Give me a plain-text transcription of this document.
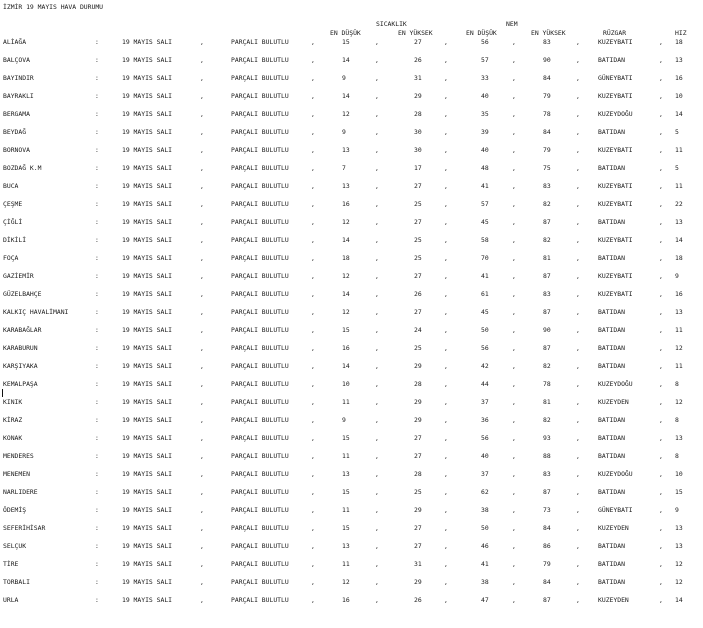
İZMİR 19 MAYIS HAVA DURUMU
SICAKLIK	NEM
EN DÜŞÜK	EN YÜKSEK	EN DÜŞÜK	EN YÜKSEK	RÜZGAR	HIZ
ALİAĞA	:	19 MAYIS SALI	,	PARÇALI BULUTLU	,	15	,	27	,	56	,	83	,	KUZEYBATI	, 18
BALÇOVA	:	19 MAYIS SALI	,	PARÇALI BULUTLU	,	14	,	26	,	57	,	90	,	BATIDAN	, 13
BAYINDIR	:	19 MAYIS SALI	,	PARÇALI BULUTLU	,	9	,	31	,	33	,	84	,	GÜNEYBATI	, 16
BAYRAKLI	:	19 MAYIS SALI	,	PARÇALI BULUTLU	,	14	,	29	,	40	,	79	,	KUZEYBATI	, 10
BERGAMA	:	19 MAYIS SALI	,	PARÇALI BULUTLU	,	12	,	28	,	35	,	78	,	KUZEYDOĞU	, 14
BEYDAĞ	:	19 MAYIS SALI	,	PARÇALI BULUTLU	,	9	,	30	,	39	,	84	,	BATIDAN	, 5
BORNOVA	:	19 MAYIS SALI	,	PARÇALI BULUTLU	,	13	,	30	,	40	,	79	,	KUZEYBATI	, 11
BOZDAĞ K.M	:	19 MAYIS SALI	,	PARÇALI BULUTLU	,	7	,	17	,	48	,	75	,	BATIDAN	, 5
BUCA	:	19 MAYIS SALI	,	PARÇALI BULUTLU	,	13	,	27	,	41	,	83	,	KUZEYBATI	, 11
ÇEŞME	:	19 MAYIS SALI	,	PARÇALI BULUTLU	,	16	,	25	,	57	,	82	,	KUZEYBATI	, 22
ÇİĞLİ	:	19 MAYIS SALI	,	PARÇALI BULUTLU	,	12	,	27	,	45	,	87	,	BATIDAN	, 13
DİKİLİ	:	19 MAYIS SALI	,	PARÇALI BULUTLU	,	14	,	25	,	58	,	82	,	KUZEYBATI	, 14
FOÇA	:	19 MAYIS SALI	,	PARÇALI BULUTLU	,	18	,	25	,	70	,	81	,	BATIDAN	, 18
GAZİEMİR	:	19 MAYIS SALI	,	PARÇALI BULUTLU	,	12	,	27	,	41	,	87	,	KUZEYBATI	, 9
GÜZELBAHÇE	:	19 MAYIS SALI	,	PARÇALI BULUTLU	,	14	,	26	,	61	,	83	,	KUZEYBATI	, 16
KALKIÇ HAVALİMANI	:	19 MAYIS SALI	,	PARÇALI BULUTLU	,	12	,	27	,	45	,	87	,	BATIDAN	, 13
KARABAĞLAR	:	19 MAYIS SALI	,	PARÇALI BULUTLU	,	15	,	24	,	50	,	90	,	BATIDAN	, 11
KARABURUN	:	19 MAYIS SALI	,	PARÇALI BULUTLU	,	16	,	25	,	56	,	87	,	BATIDAN	, 12
KARŞIYAKA	:	19 MAYIS SALI	,	PARÇALI BULUTLU	,	14	,	29	,	42	,	82	,	BATIDAN	, 11
KEMALPAŞA	:	19 MAYIS SALI	,	PARÇALI BULUTLU	,	10	,	28	,	44	,	78	,	KUZEYDOĞU	, 8
KINIK	:	19 MAYIS SALI	,	PARÇALI BULUTLU	,	11	,	29	,	37	,	81	,	KUZEYDEN	, 12
KİRAZ	:	19 MAYIS SALI	,	PARÇALI BULUTLU	,	9	,	29	,	36	,	82	,	BATIDAN	, 8
KONAK	:	19 MAYIS SALI	,	PARÇALI BULUTLU	,	15	,	27	,	56	,	93	,	BATIDAN	, 13
MENDERES	:	19 MAYIS SALI	,	PARÇALI BULUTLU	,	11	,	27	,	40	,	88	,	BATIDAN	, 8
MENEMEN	:	19 MAYIS SALI	,	PARÇALI BULUTLU	,	13	,	28	,	37	,	83	,	KUZEYDOĞU	, 10
NARLIDERE	:	19 MAYIS SALI	,	PARÇALI BULUTLU	,	15	,	25	,	62	,	87	,	BATIDAN	, 15
ÖDEMİŞ	:	19 MAYIS SALI	,	PARÇALI BULUTLU	,	11	,	29	,	38	,	73	,	GÜNEYBATI	, 9
SEFERİHİSAR	:	19 MAYIS SALI	,	PARÇALI BULUTLU	,	15	,	27	,	50	,	84	,	KUZEYDEN	, 13
SELÇUK	:	19 MAYIS SALI	,	PARÇALI BULUTLU	,	13	,	27	,	46	,	86	,	BATIDAN	, 13
TİRE	:	19 MAYIS SALI	,	PARÇALI BULUTLU	,	11	,	31	,	41	,	79	,	BATIDAN	, 12
TORBALI	:	19 MAYIS SALI	,	PARÇALI BULUTLU	,	12	,	29	,	38	,	84	,	BATIDAN	, 12
URLA	:	19 MAYIS SALI	,	PARÇALI BULUTLU	,	16	,	26	,	47	,	87	,	KUZEYDEN	, 14
